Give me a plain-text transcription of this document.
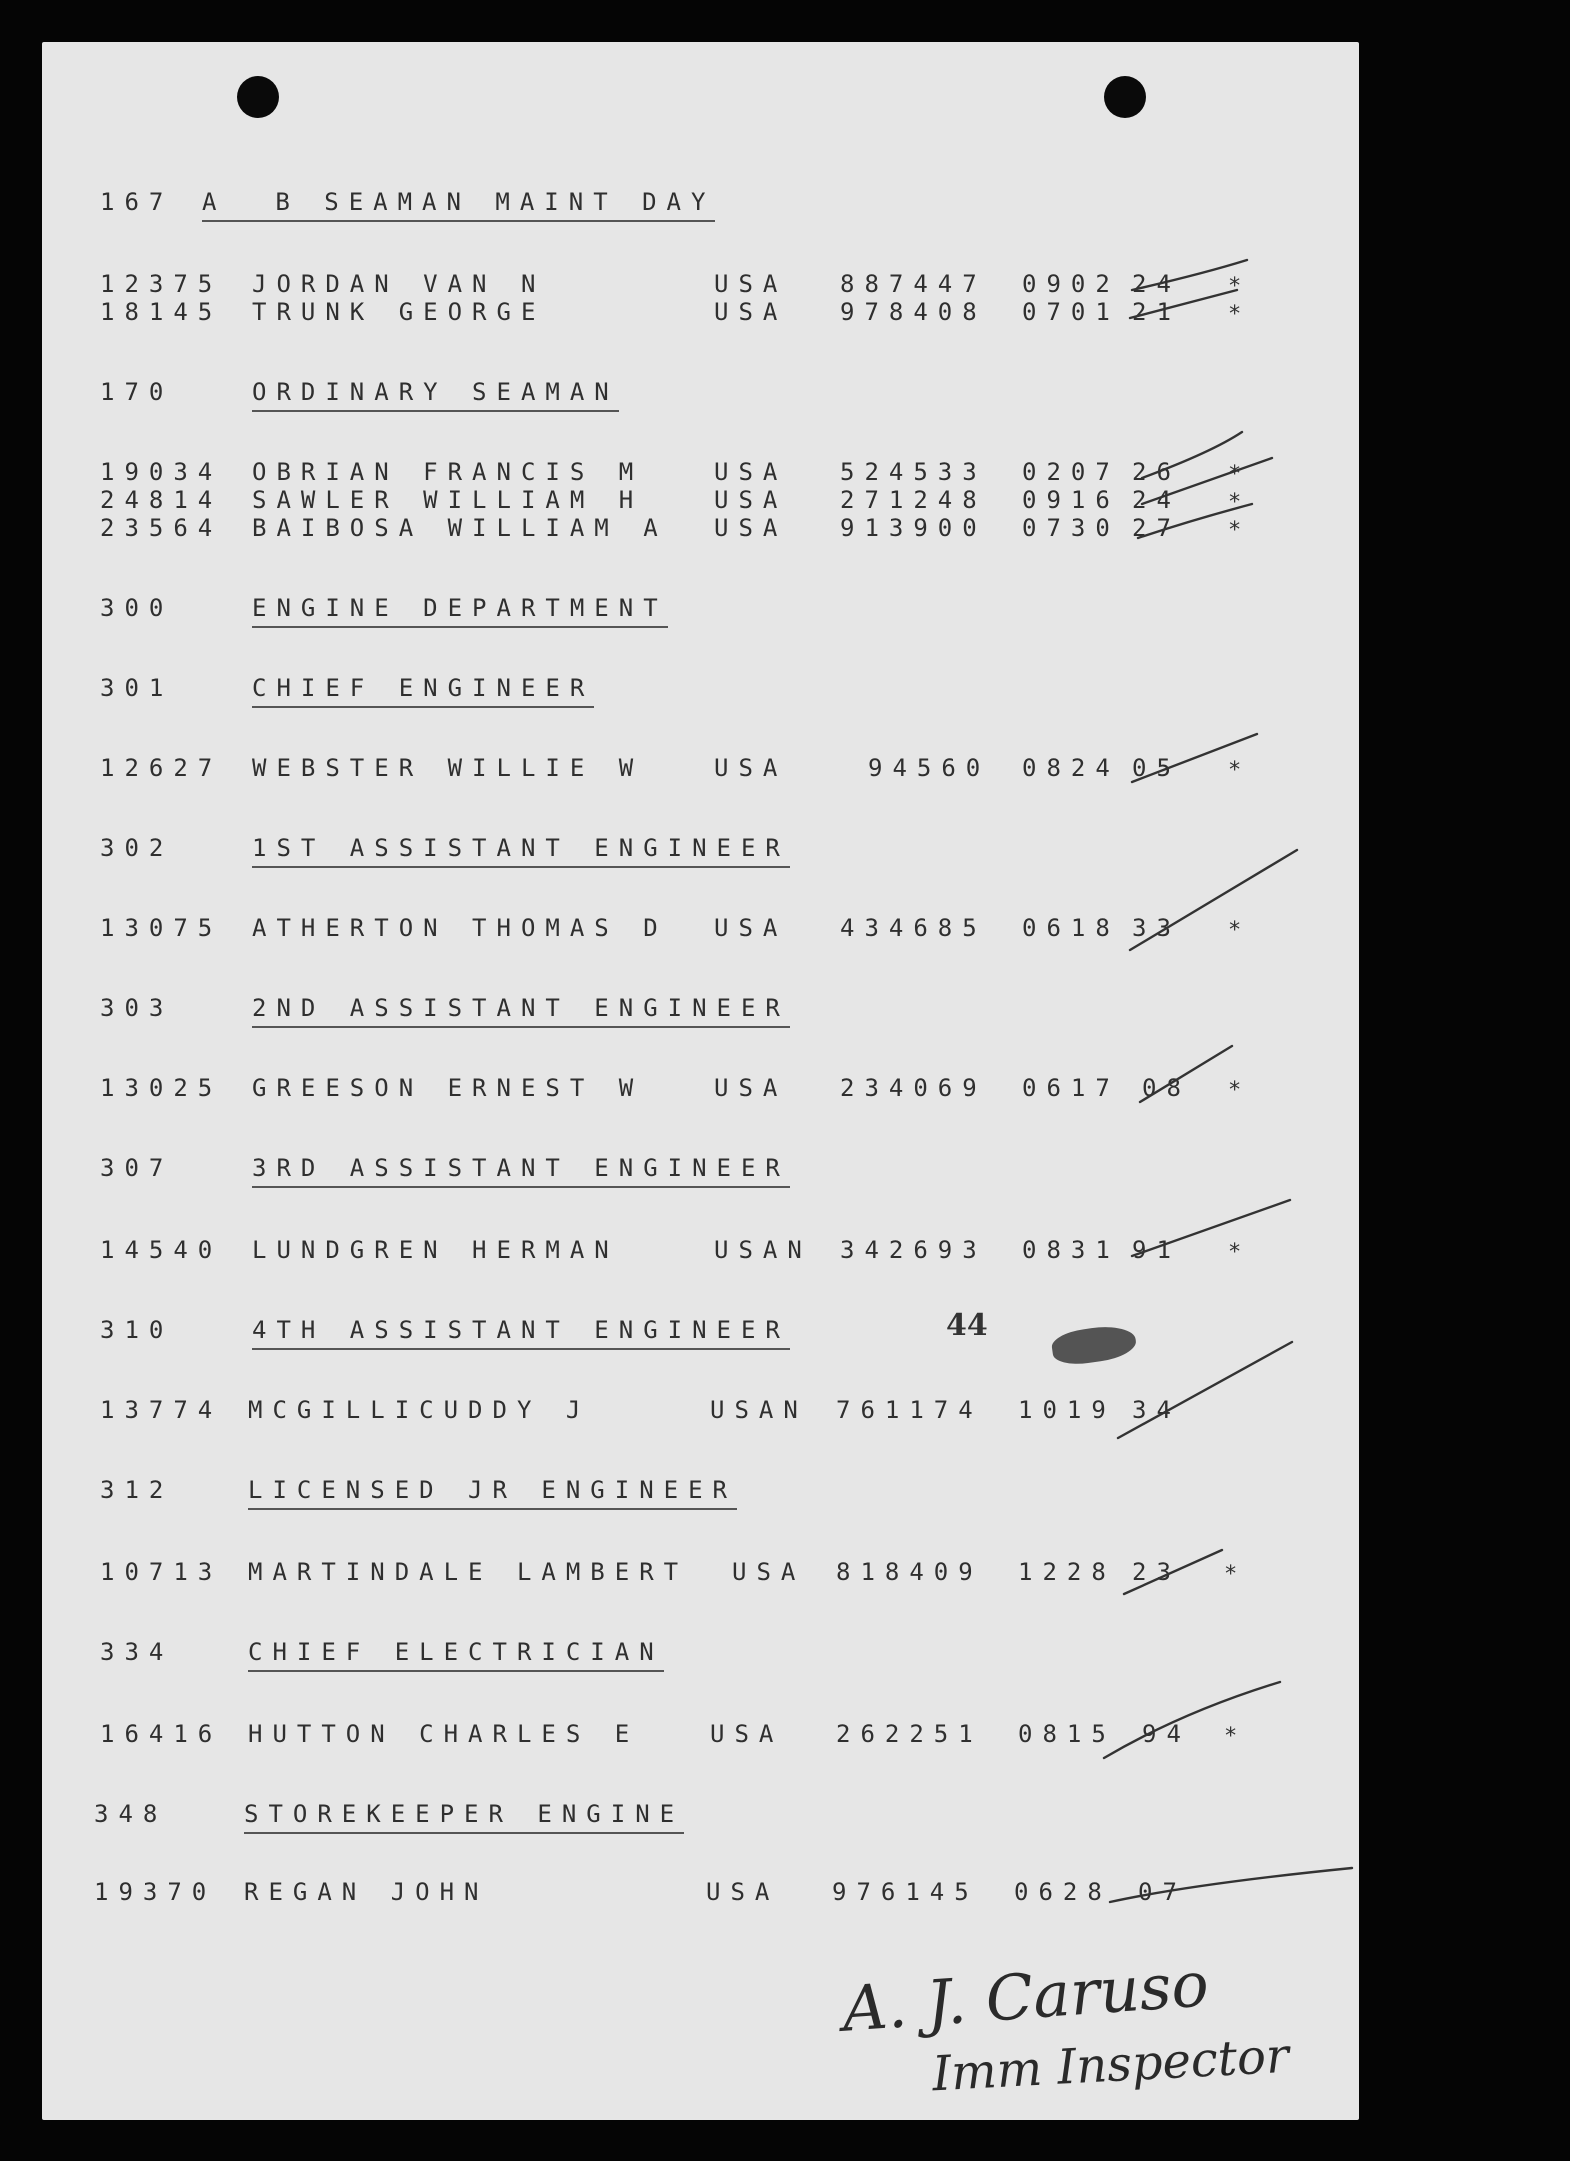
167 A  B SEAMAN MAINT DAY
12375 JORDAN VAN N	USA 887447 0902 24 *
18145 TRUNK GEORGE	USA 978408 0701 21 *
170	ORDINARY SEAMAN
19034 OBRIAN FRANCIS M	USA 524533 0207 26 *
24814 SAWLER WILLIAM H	USA 271248 0916 24 *
23564 BAIBOSA WILLIAM A USA 913900 0730 27 *
300	ENGINE DEPARTMENT
301	CHIEF ENGINEER
12627 WEBSTER WILLIE W	USA	94560 0824 05 *
302	1ST ASSISTANT ENGINEER
13075 ATHERTON THOMAS D USA 434685 0618 33 *
303	2ND ASSISTANT ENGINEER
13025 GREESON ERNEST W	USA 234069 0617 08 *
307	3RD ASSISTANT ENGINEER
14540 LUNDGREN HERMAN	USAN 342693 0831 91 *
310	4TH ASSISTANT ENGINEER	44
13774 MCGILLICUDDY J	USAN 761174 1019 34
312	LICENSED JR ENGINEER
10713 MARTINDALE LAMBERT USA 818409 1228 23 *
334	CHIEF ELECTRICIAN
16416 HUTTON CHARLES E	USA 262251 0815 94 *
348	STOREKEEPER ENGINE
19370 REGAN JOHN	USA 976145 0628 07
A. J. Caruso
Imm Inspector
